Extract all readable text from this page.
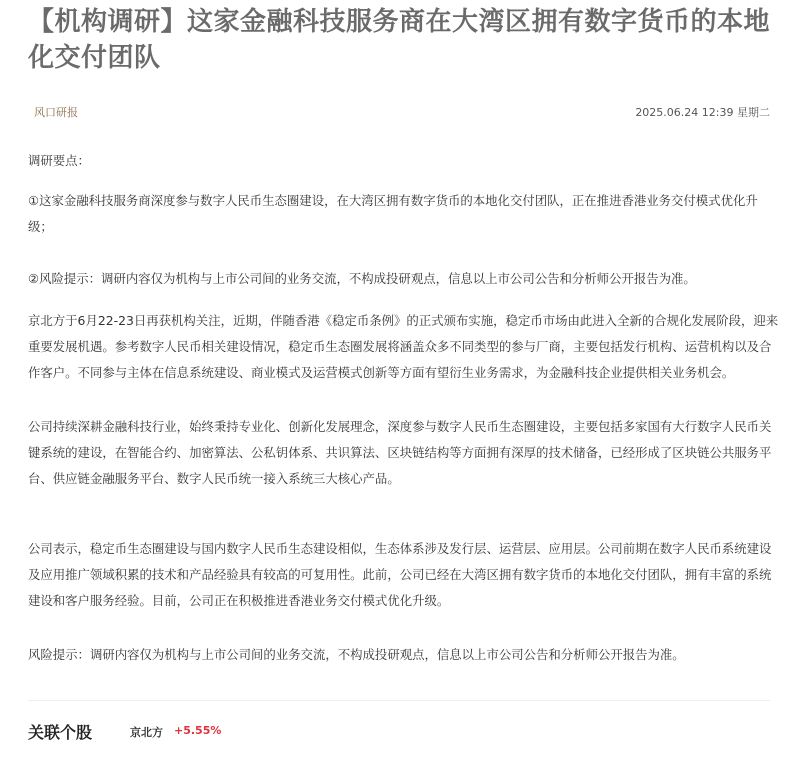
【机构调研】这家金融科技服务商在大湾区拥有数字货币的本地化交付团队
风口研报	2025.06.24 12:39 星期二

调研要点：

①这家金融科技服务商深度参与数字人民币生态圈建设，在大湾区拥有数字货币的本地化交付团队，正在推进香港业务交付模式优化升级；

②风险提示：调研内容仅为机构与上市公司间的业务交流，不构成投研观点，信息以上市公司公告和分析师公开报告为准。

京北方于6月22-23日再获机构关注，近期，伴随香港《稳定币条例》的正式颁布实施，稳定币市场由此进入全新的合规化发展阶段，迎来重要发展机遇。参考数字人民币相关建设情况，稳定币生态圈发展将涵盖众多不同类型的参与厂商，主要包括发行机构、运营机构以及合作客户。不同参与主体在信息系统建设、商业模式及运营模式创新等方面有望衍生业务需求，为金融科技企业提供相关业务机会。

公司持续深耕金融科技行业，始终秉持专业化、创新化发展理念，深度参与数字人民币生态圈建设，主要包括多家国有大行数字人民币关键系统的建设，在智能合约、加密算法、公私钥体系、共识算法、区块链结构等方面拥有深厚的技术储备，已经形成了区块链公共服务平台、供应链金融服务平台、数字人民币统一接入系统三大核心产品。

公司表示，稳定币生态圈建设与国内数字人民币生态建设相似，生态体系涉及发行层、运营层、应用层。公司前期在数字人民币系统建设及应用推广领域积累的技术和产品经验具有较高的可复用性。此前，公司已经在大湾区拥有数字货币的本地化交付团队，拥有丰富的系统建设和客户服务经验。目前，公司正在积极推进香港业务交付模式优化升级。

风险提示：调研内容仅为机构与上市公司间的业务交流，不构成投研观点，信息以上市公司公告和分析师公开报告为准。

关联个股	京北方 +5.55%
